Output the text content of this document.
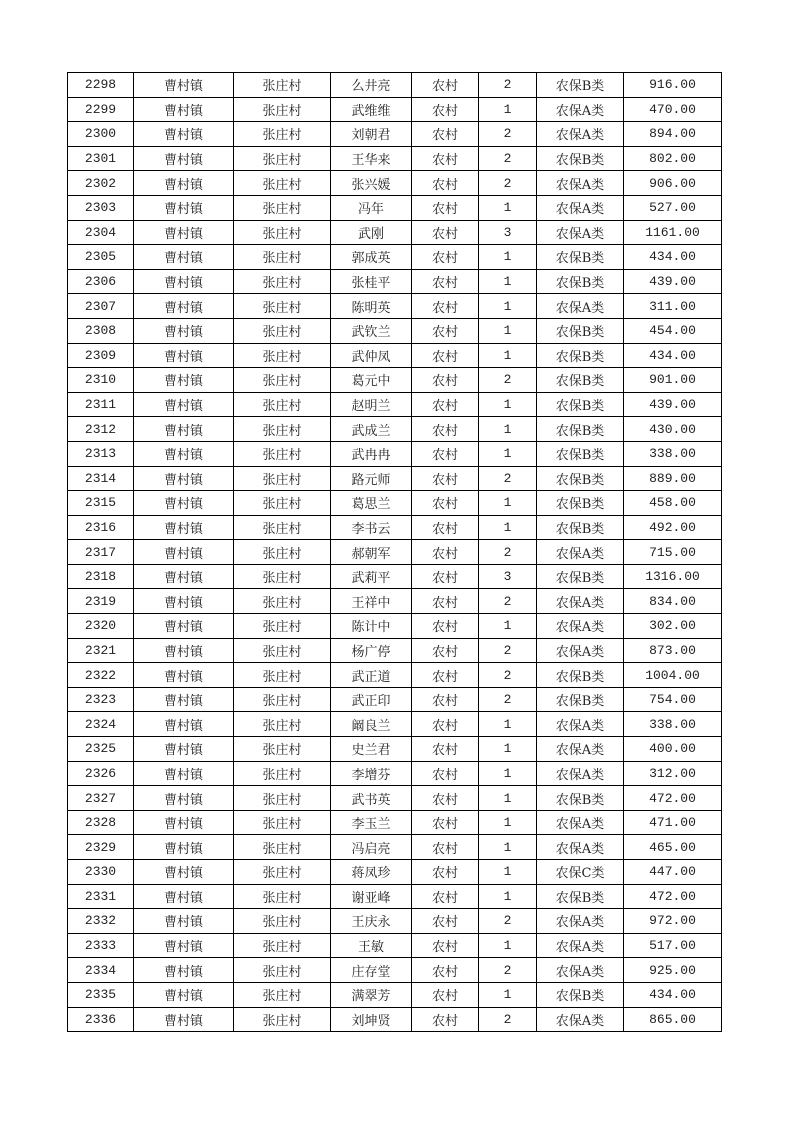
2298	曹村镇	张庄村	么井亮	农村	2	农保B类	916.00
2299	曹村镇	张庄村	武维维	农村	1	农保A类	470.00
2300	曹村镇	张庄村	刘朝君	农村	2	农保A类	894.00
2301	曹村镇	张庄村	王华来	农村	2	农保B类	802.00
2302	曹村镇	张庄村	张兴媛	农村	2	农保A类	906.00
2303	曹村镇	张庄村	冯年	农村	1	农保A类	527.00
2304	曹村镇	张庄村	武刚	农村	3	农保A类	1161.00
2305	曹村镇	张庄村	郭成英	农村	1	农保B类	434.00
2306	曹村镇	张庄村	张桂平	农村	1	农保B类	439.00
2307	曹村镇	张庄村	陈明英	农村	1	农保A类	311.00
2308	曹村镇	张庄村	武钦兰	农村	1	农保B类	454.00
2309	曹村镇	张庄村	武仲凤	农村	1	农保B类	434.00
2310	曹村镇	张庄村	葛元中	农村	2	农保B类	901.00
2311	曹村镇	张庄村	赵明兰	农村	1	农保B类	439.00
2312	曹村镇	张庄村	武成兰	农村	1	农保B类	430.00
2313	曹村镇	张庄村	武冉冉	农村	1	农保B类	338.00
2314	曹村镇	张庄村	路元师	农村	2	农保B类	889.00
2315	曹村镇	张庄村	葛思兰	农村	1	农保B类	458.00
2316	曹村镇	张庄村	李书云	农村	1	农保B类	492.00
2317	曹村镇	张庄村	郝朝军	农村	2	农保A类	715.00
2318	曹村镇	张庄村	武莉平	农村	3	农保B类	1316.00
2319	曹村镇	张庄村	王祥中	农村	2	农保A类	834.00
2320	曹村镇	张庄村	陈计中	农村	1	农保A类	302.00
2321	曹村镇	张庄村	杨广停	农村	2	农保A类	873.00
2322	曹村镇	张庄村	武正道	农村	2	农保B类	1004.00
2323	曹村镇	张庄村	武正印	农村	2	农保B类	754.00
2324	曹村镇	张庄村	阚良兰	农村	1	农保A类	338.00
2325	曹村镇	张庄村	史兰君	农村	1	农保A类	400.00
2326	曹村镇	张庄村	李增芬	农村	1	农保A类	312.00
2327	曹村镇	张庄村	武书英	农村	1	农保B类	472.00
2328	曹村镇	张庄村	李玉兰	农村	1	农保A类	471.00
2329	曹村镇	张庄村	冯启亮	农村	1	农保A类	465.00
2330	曹村镇	张庄村	蒋凤珍	农村	1	农保C类	447.00
2331	曹村镇	张庄村	谢亚峰	农村	1	农保B类	472.00
2332	曹村镇	张庄村	王庆永	农村	2	农保A类	972.00
2333	曹村镇	张庄村	王敏	农村	1	农保A类	517.00
2334	曹村镇	张庄村	庄存堂	农村	2	农保A类	925.00
2335	曹村镇	张庄村	满翠芳	农村	1	农保B类	434.00
2336	曹村镇	张庄村	刘坤贤	农村	2	农保A类	865.00
